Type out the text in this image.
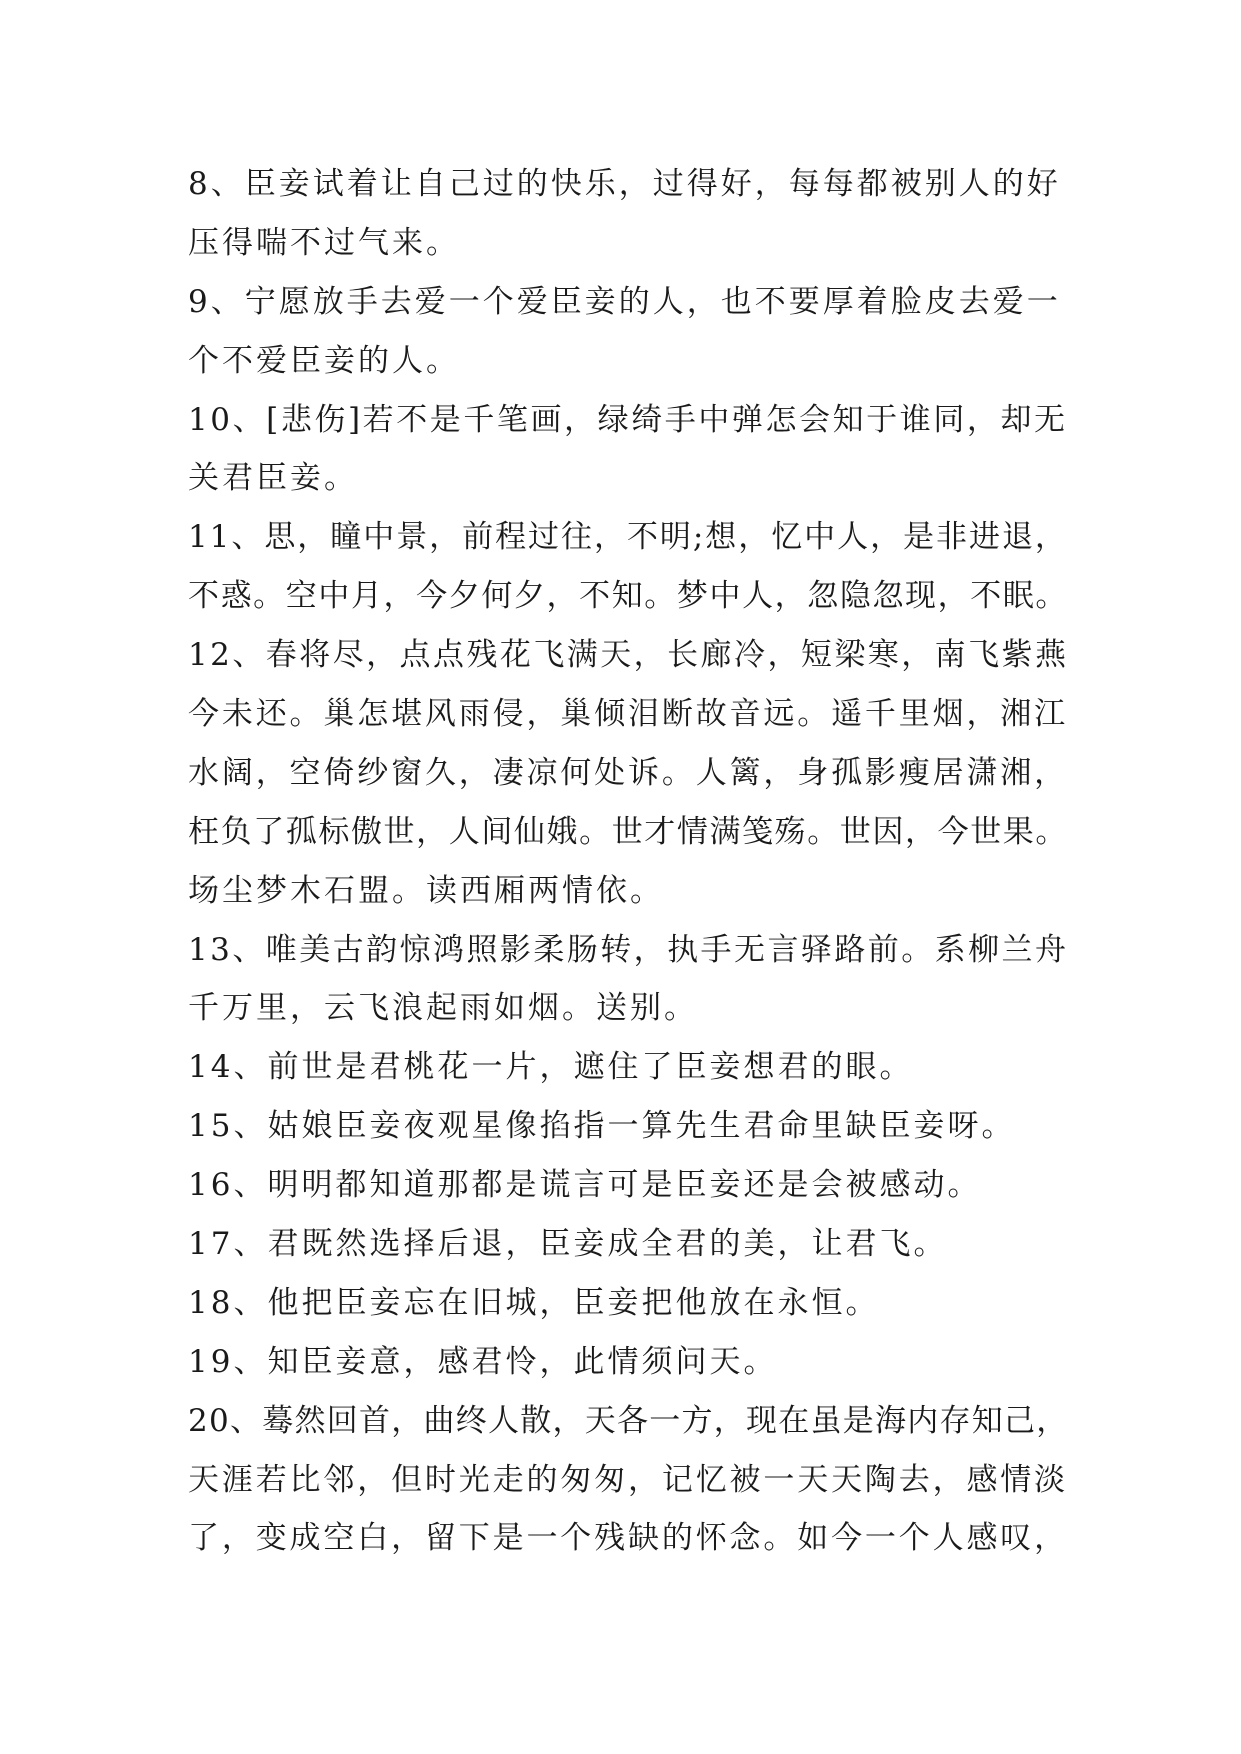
8、臣妾试着让自己过的快乐，过得好，每每都被别人的好
压得喘不过气来。
9、宁愿放手去爱一个爱臣妾的人，也不要厚着脸皮去爱一
个不爱臣妾的人。
10、[悲伤]若不是千笔画，绿绮手中弹怎会知于谁同，却无
关君臣妾。
11、思，瞳中景，前程过往，不明;想，忆中人，是非进退，
不惑。空中月，今夕何夕，不知。梦中人，忽隐忽现，不眠。
12、春将尽，点点残花飞满天，长廊冷，短梁寒，南飞紫燕
今未还。巢怎堪风雨侵，巢倾泪断故音远。遥千里烟，湘江
水阔，空倚纱窗久，凄凉何处诉。人篱，身孤影瘦居潇湘，
枉负了孤标傲世，人间仙娥。世才情满笺殇。世因，今世果。
场尘梦木石盟。读西厢两情依。
13、唯美古韵惊鸿照影柔肠转，执手无言驿路前。系柳兰舟
千万里，云飞浪起雨如烟。送别。
14、前世是君桃花一片，遮住了臣妾想君的眼。
15、姑娘臣妾夜观星像掐指一算先生君命里缺臣妾呀。
16、明明都知道那都是谎言可是臣妾还是会被感动。
17、君既然选择后退，臣妾成全君的美，让君飞。
18、他把臣妾忘在旧城，臣妾把他放在永恒。
19、知臣妾意，感君怜，此情须问天。
20、蓦然回首，曲终人散，天各一方，现在虽是海内存知己，
天涯若比邻，但时光走的匆匆，记忆被一天天陶去，感情淡
了，变成空白，留下是一个残缺的怀念。如今一个人感叹，
